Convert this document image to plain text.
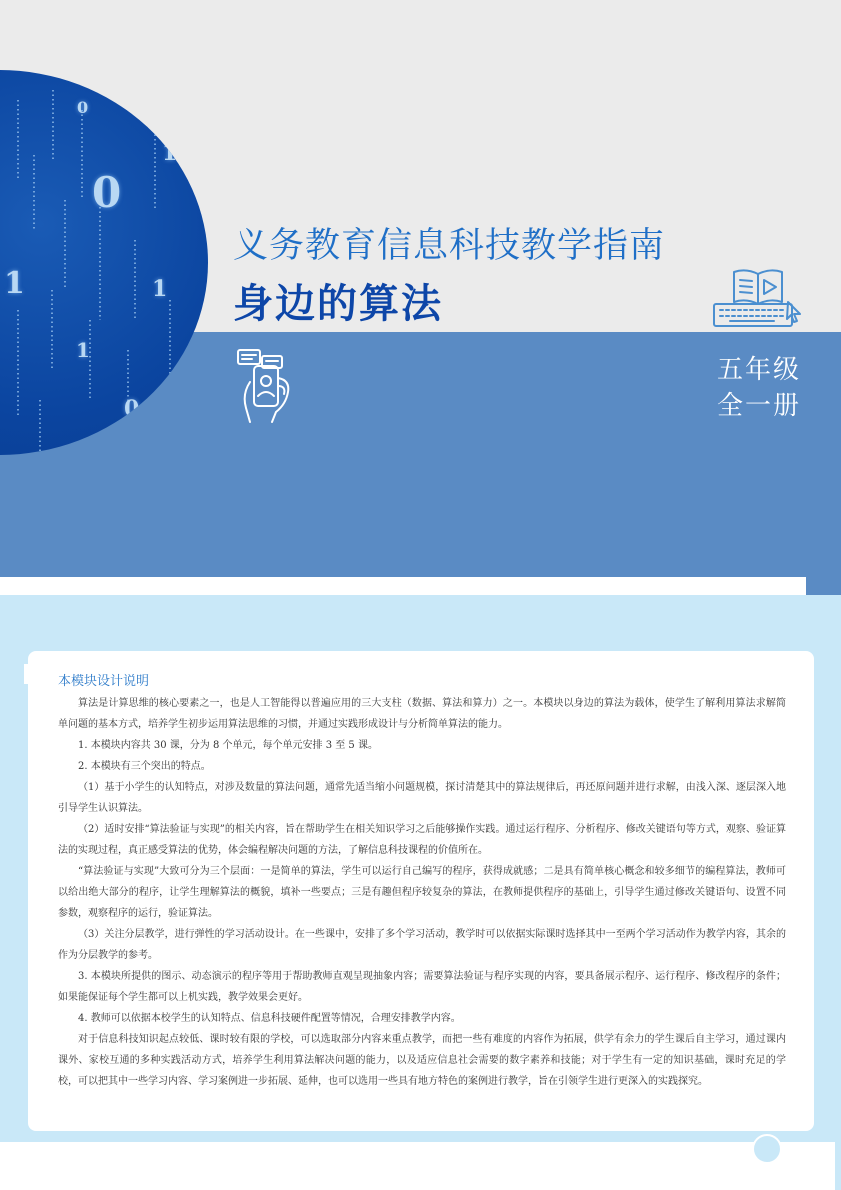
0
1
0
1	1
1
0
义务教育信息科技教学指南
身边的算法
五年级
全一册
本模块设计说明

算法是计算思维的核心要素之一，也是人工智能得以普遍应用的三大支柱（数据、算法和算力）之一。本模块以身边的算法为载体，使学生了解利用算法求解简单问题的基本方式，培养学生初步运用算法思维的习惯，并通过实践形成设计与分析简单算法的能力。

1. 本模块内容共 30 课，分为 8 个单元，每个单元安排 3 至 5 课。

2. 本模块有三个突出的特点。

（1）基于小学生的认知特点，对涉及数量的算法问题，通常先适当缩小问题规模，探讨清楚其中的算法规律后，再还原问题并进行求解，由浅入深、逐层深入地引导学生认识算法。

（2）适时安排“算法验证与实现”的相关内容，旨在帮助学生在相关知识学习之后能够操作实践。通过运行程序、分析程序、修改关键语句等方式，观察、验证算法的实现过程，真正感受算法的优势，体会编程解决问题的方法，了解信息科技课程的价值所在。

“算法验证与实现”大致可分为三个层面：一是简单的算法，学生可以运行自己编写的程序，获得成就感；二是具有简单核心概念和较多细节的编程算法，教师可以给出绝大部分的程序，让学生理解算法的概貌，填补一些要点；三是有趣但程序较复杂的算法，在教师提供程序的基础上，引导学生通过修改关键语句、设置不同参数，观察程序的运行，验证算法。

（3）关注分层教学，进行弹性的学习活动设计。在一些课中，安排了多个学习活动，教学时可以依据实际课时选择其中一至两个学习活动作为教学内容，其余的作为分层教学的参考。

3. 本模块所提供的图示、动态演示的程序等用于帮助教师直观呈现抽象内容；需要算法验证与程序实现的内容，要具备展示程序、运行程序、修改程序的条件；如果能保证每个学生都可以上机实践，教学效果会更好。

4. 教师可以依据本校学生的认知特点、信息科技硬件配置等情况，合理安排教学内容。

对于信息科技知识起点较低、课时较有限的学校，可以选取部分内容来重点教学，而把一些有难度的内容作为拓展，供学有余力的学生课后自主学习，通过课内课外、家校互通的多种实践活动方式，培养学生利用算法解决问题的能力，以及适应信息社会需要的数字素养和技能；对于学生有一定的知识基础，课时充足的学校，可以把其中一些学习内容、学习案例进一步拓展、延伸，也可以选用一些具有地方特色的案例进行教学，旨在引领学生进行更深入的实践探究。
